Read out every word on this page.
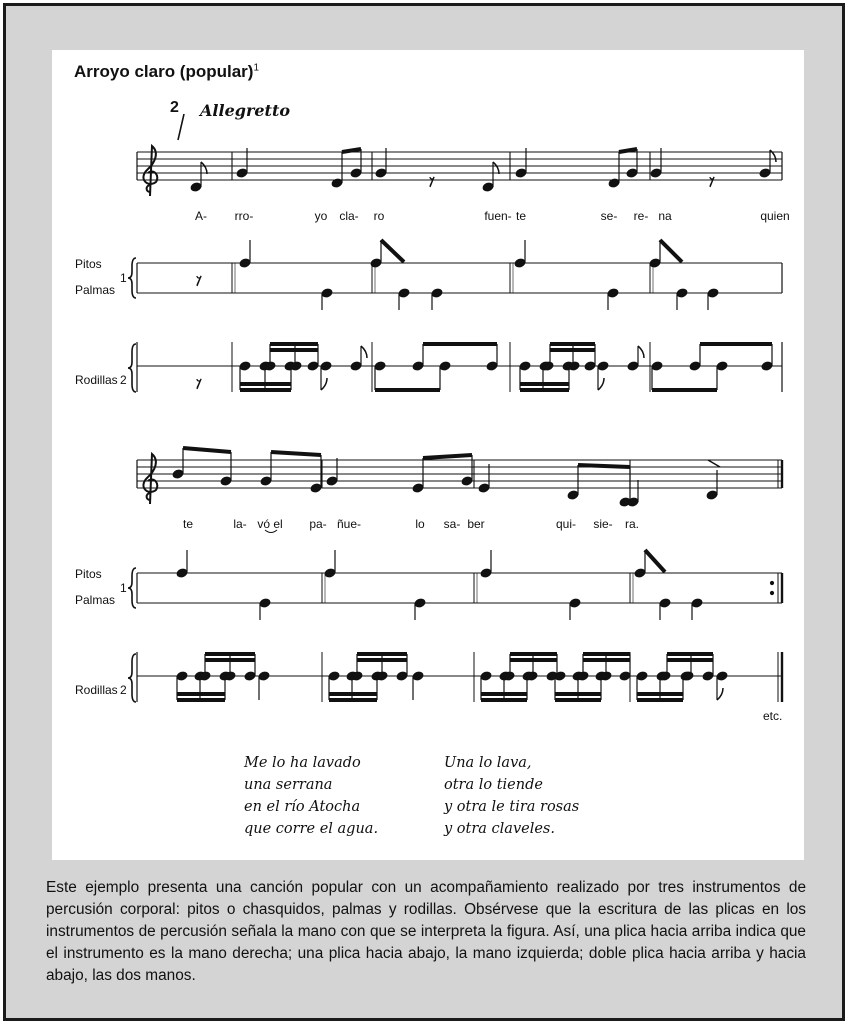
Arroyo claro (popular)$^1$
2 Allegretto
A- rro-	yo cla- ro	fuen- te	se- re- na	quien
Pitos
Palmas
1
Rodillas 2
te	la- vó el pa- ñue-	lo sa- ber	qui- sie- ra.
Pitos
Palmas
1
Rodillas 2
etc.
Me lo ha lavado
una serrana
en el río Atocha
que corre el agua.
Una lo lava,
otra lo tiende
y otra le tira rosas
y otra claveles.
Este ejemplo presenta una canción popular con un acompañamiento realizado por tres instrumentos de percusión corporal: pitos o chasquidos, palmas y rodillas. Obsérvese que la escritura de las plicas en los instrumentos de percusión señala la mano con que se interpreta la figura. Así, una plica hacia arriba indica que el instrumento es la mano derecha; una plica hacia abajo, la mano izquierda; doble plica hacia arriba y hacia abajo, las dos manos.
